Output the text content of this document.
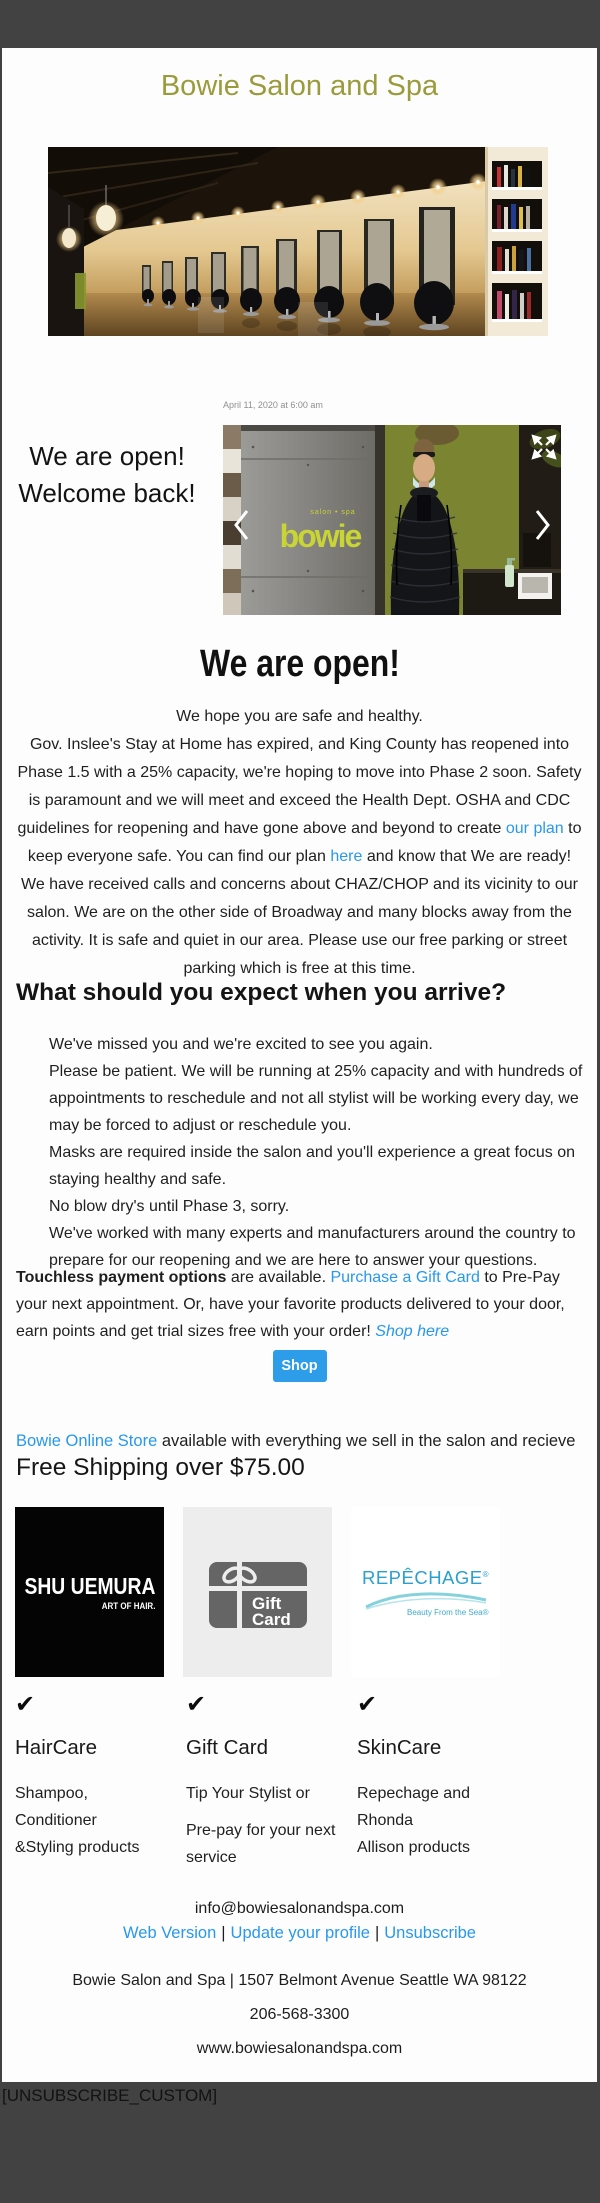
Bowie Salon and Spa
We are open!
Welcome back!
April 11, 2020 at 6:00 am
salon • spa
bowie
We are open!

We hope you are safe and healthy.
Gov. Inslee's Stay at Home has expired, and King County has reopened into Phase 1.5 with a 25% capacity, we're hoping to move into Phase 2 soon. Safety is paramount and we will meet and exceed the Health Dept. OSHA and CDC guidelines for reopening and have gone above and beyond to create our plan to keep everyone safe. You can find our plan here and know that We are ready! We have received calls and concerns about CHAZ/CHOP and its vicinity to our salon. We are on the other side of Broadway and many blocks away from the activity. It is safe and quiet in our area. Please use our free parking or street parking which is free at this time.

What should you expect when you arrive?
We've missed you and we're excited to see you again.
Please be patient. We will be running at 25% capacity and with hundreds of appointments to reschedule and not all stylist will be working every day, we may be forced to adjust or reschedule you.
Masks are required inside the salon and you'll experience a great focus on staying healthy and safe.
No blow dry's until Phase 3, sorry.
We've worked with many experts and manufacturers around the country to prepare for our reopening and we are here to answer your questions.

Touchless payment options are available. Purchase a Gift Card to Pre-Pay your next appointment. Or, have your favorite products delivered to your door, earn points and get trial sizes free with your order! Shop here

Shop

Bowie Online Store available with everything we sell in the salon and recieve

Free Shipping over $75.00
SHU UEMURA
ART OF HAIR.	Gift
Card
REPÊCHAGE®
Beauty From the Sea®
✔
HairCare
Shampoo, Conditioner
&Styling products
✔
Gift Card
Tip Your Stylist or
Pre-pay for your next
service
✔
SkinCare
Repechage and Rhonda
Allison products
info@bowiesalonandspa.com
Web Version | Update your profile | Unsubscribe
Bowie Salon and Spa | 1507 Belmont Avenue Seattle WA 98122
206-568-3300
www.bowiesalonandspa.com
[UNSUBSCRIBE_CUSTOM]
